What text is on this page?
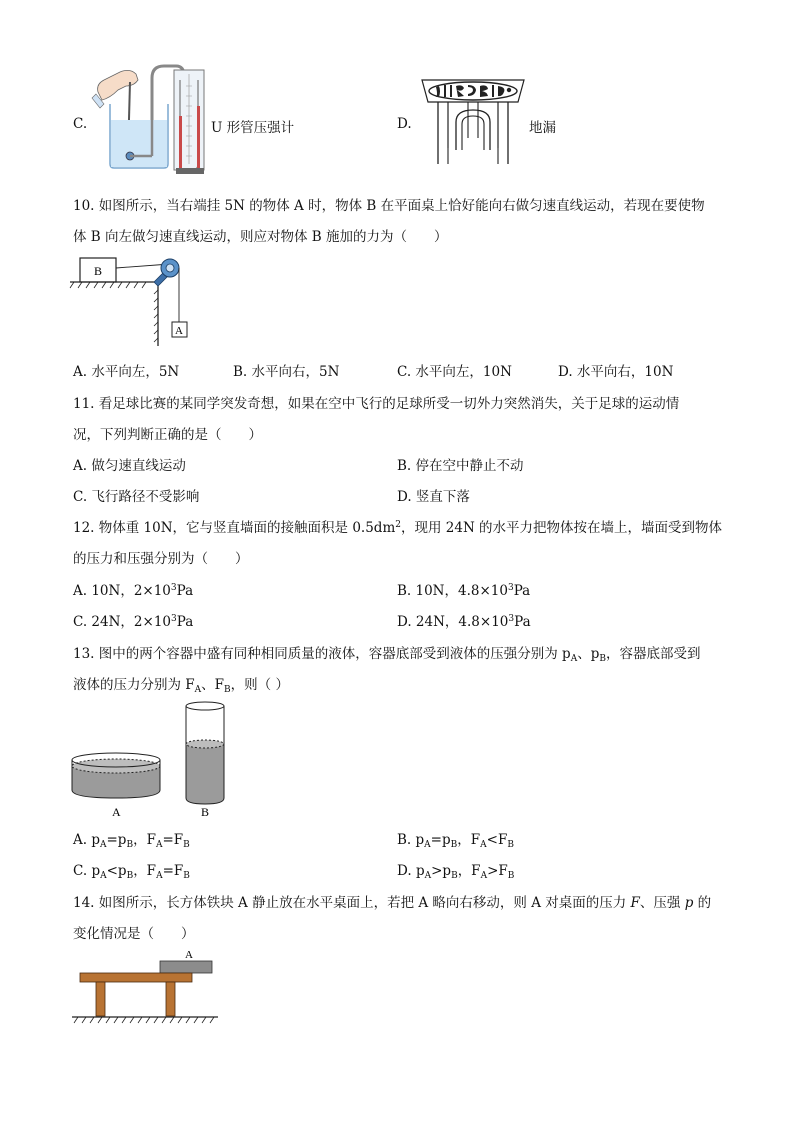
C.	U 形管压强计	D.	地漏
10. 如图所示，当右端挂 5N 的物体 A 时，物体 B 在平面桌上恰好能向右做匀速直线运动，若现在要使物
体 B 向左做匀速直线运动，则应对物体 B 施加的力为（　　）
B
A
A. 水平向左，5N	B. 水平向右，5N	C. 水平向左，10N	D. 水平向右，10N
11. 看足球比赛的某同学突发奇想，如果在空中飞行的足球所受一切外力突然消失，关于足球的运动情
况，下列判断正确的是（　　）
A. 做匀速直线运动	B. 停在空中静止不动
C. 飞行路径不受影响	D. 竖直下落
12. 物体重 10N，它与竖直墙面的接触面积是 $0.5dm^2$，现用 24N 的水平力把物体按在墙上，墙面受到物体
的压力和压强分别为（　　）
A. 10N，$2\times 10^3Pa$	B. 10N，$4.8\times 10^3Pa$
C. 24N，$2\times 10^3Pa$	D. 24N，$4.8\times 10^3Pa$
13. 图中的两个容器中盛有同种相同质量的液体，容器底部受到液体的压强分别为 $p_A$、$p_B$，容器底部受到
液体的压力分别为 $F_A$、$F_B$，则（ ）
A	B
A. $p_A=p_B$，$F_A=F_B$	B. $p_A=p_B$，$F_A<F_B$
C. $p_A<p_B$，$F_A=F_B$	D. $p_A>p_B$，$F_A>F_B$
14. 如图所示，长方体铁块 A 静止放在水平桌面上，若把 A 略向右移动，则 A 对桌面的压力 F、压强 p 的
变化情况是（　　）
A
